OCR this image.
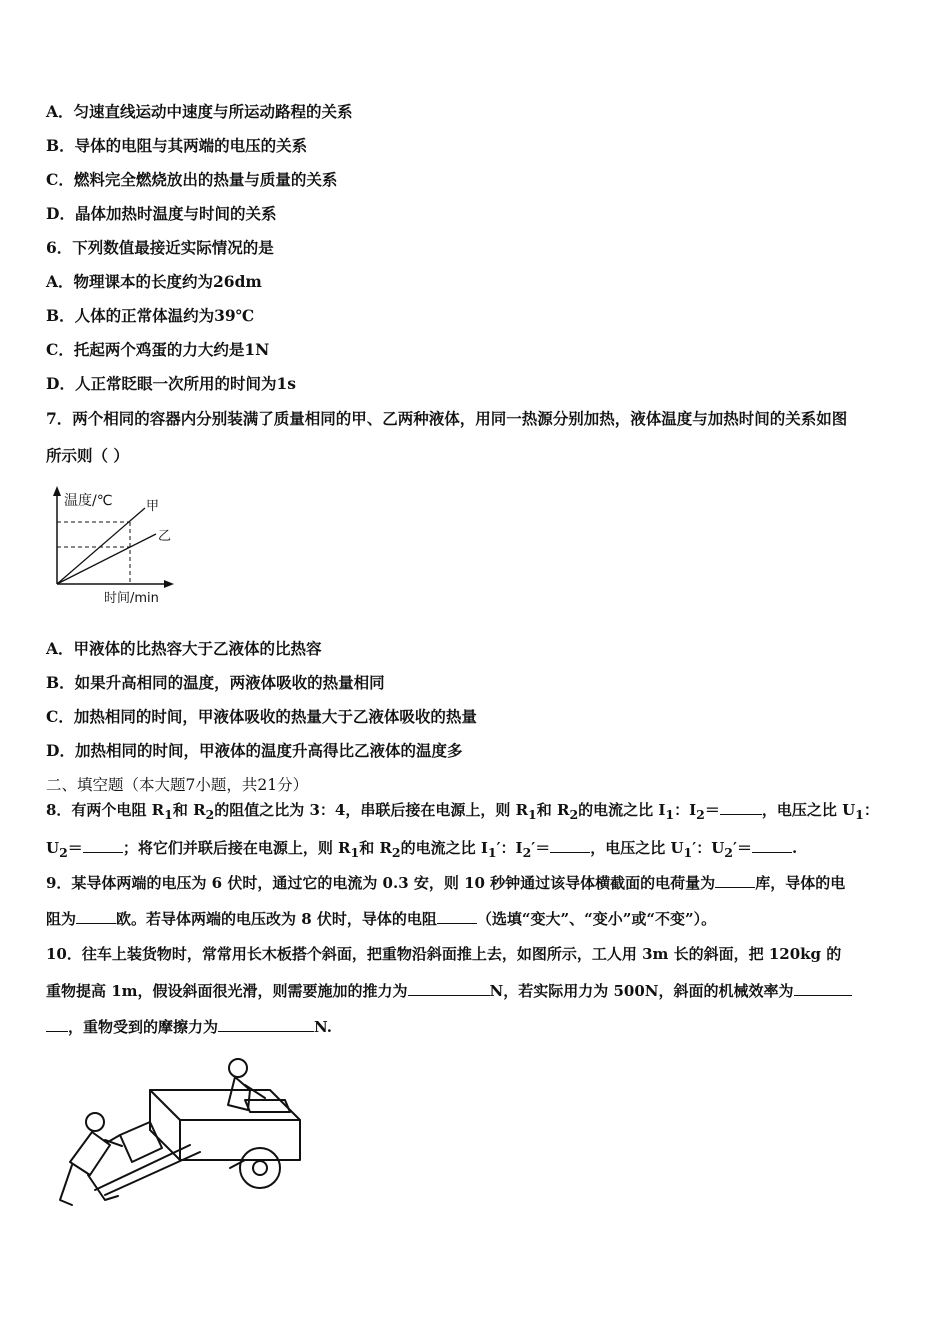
A．匀速直线运动中速度与所运动路程的关系
B．导体的电阻与其两端的电压的关系
C．燃料完全燃烧放出的热量与质量的关系
D．晶体加热时温度与时间的关系
6．下列数值最接近实际情况的是
A．物理课本的长度约为26dm
B．人体的正常体温约为39℃
C．托起两个鸡蛋的力大约是1N
D．人正常眨眼一次所用的时间为1s
7．两个相同的容器内分别装满了质量相同的甲、乙两种液体，用同一热源分别加热，液体温度与加热时间的关系如图
所示则（ ）
温度/℃	甲
乙
时间/min
A．甲液体的比热容大于乙液体的比热容
B．如果升高相同的温度，两液体吸收的热量相同
C．加热相同的时间，甲液体吸收的热量大于乙液体吸收的热量
D．加热相同的时间，甲液体的温度升高得比乙液体的温度多
二、填空题（本大题7小题，共21分）
8．有两个电阻 $R_1$和 $R_2$的阻值之比为 3：4，串联后接在电源上，则 $R_1$和 $R_2$的电流之比 $I_1$：$I_2=$	，电压之比 $U_1$：
$U_2=$	；将它们并联后接在电源上，则 $R_1$和 $R_2$的电流之比 $I_1'$：$I_2'=$	，电压之比 $U_1'$：$U_2'=$	.
9．某导体两端的电压为 6 伏时，通过它的电流为 0.3 安，则 10 秒钟通过该导体横截面的电荷量为	库，导体的电
阻为	欧。若导体两端的电压改为 8 伏时，导体的电阻	（选填“变大”、“变小”或“不变”）。
10．往车上装货物时，常常用长木板搭个斜面，把重物沿斜面推上去，如图所示，工人用 3m 长的斜面，把 120kg 的
重物提高 1m，假设斜面很光滑，则需要施加的推力为	N，若实际用力为 500N，斜面的机械效率为
，重物受到的摩擦力为	N.
